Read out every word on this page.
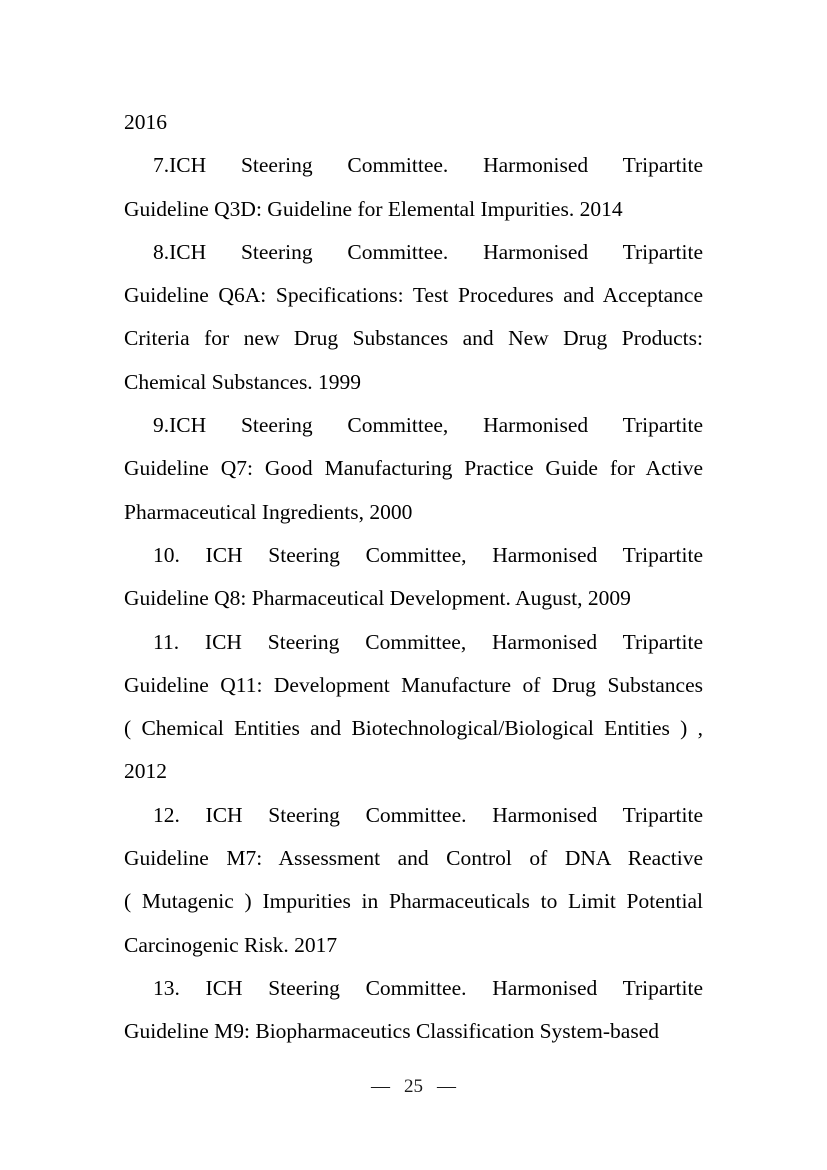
2016

7.ICH Steering Committee. Harmonised Tripartite
Guideline Q3D: Guideline for Elemental Impurities. 2014

8.ICH Steering Committee. Harmonised Tripartite
Guideline Q6A: Specifications: Test Procedures and Acceptance
Criteria for new Drug Substances and New Drug Products:
Chemical Substances. 1999

9.ICH Steering Committee, Harmonised Tripartite
Guideline Q7: Good Manufacturing Practice Guide for Active
Pharmaceutical Ingredients, 2000

10. ICH Steering Committee, Harmonised Tripartite
Guideline Q8: Pharmaceutical Development. August, 2009

11. ICH Steering Committee, Harmonised Tripartite
Guideline Q11: Development Manufacture of Drug Substances
( Chemical Entities and Biotechnological/Biological Entities ) ,
2012

12. ICH Steering Committee. Harmonised Tripartite
Guideline M7: Assessment and Control of DNA Reactive
( Mutagenic ) Impurities in Pharmaceuticals to Limit Potential
Carcinogenic Risk. 2017

13. ICH Steering Committee. Harmonised Tripartite
Guideline M9: Biopharmaceutics Classification System-based

— 25 —
